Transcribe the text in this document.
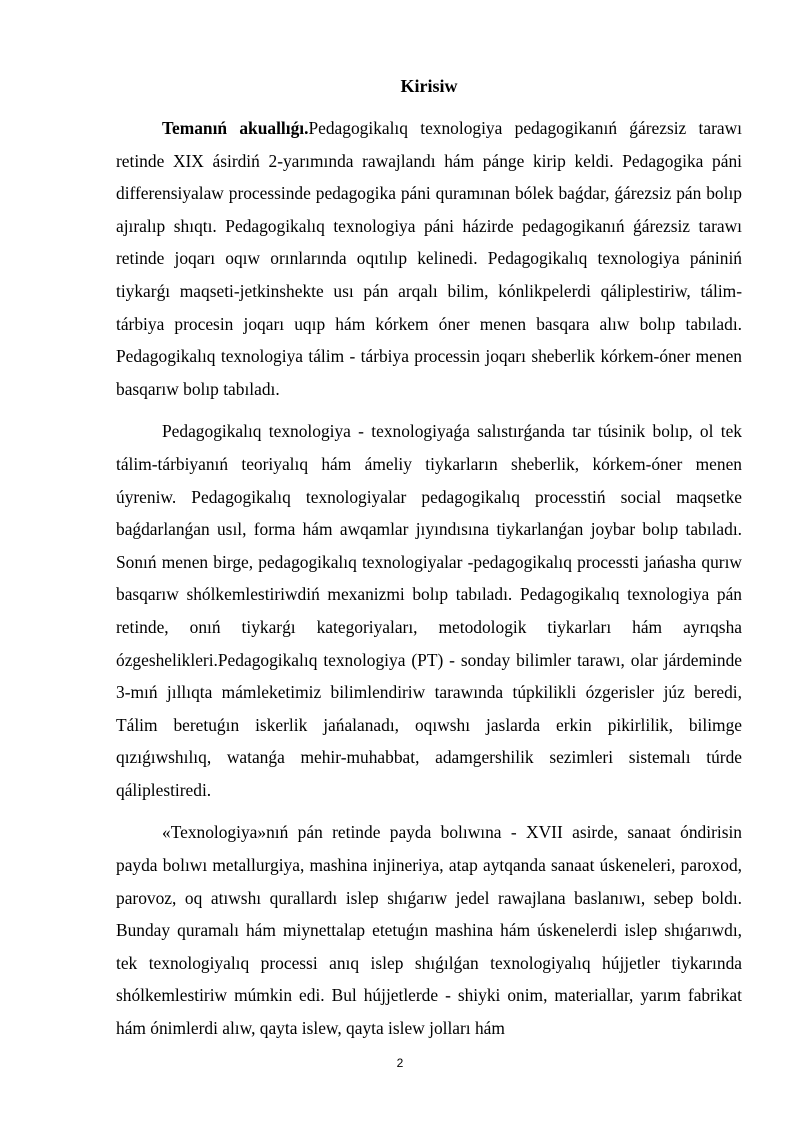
Kirisiw

Temanıń akuallıǵı.Pedagogikalıq texnologiya pedagogikanıń ǵárezsiz tarawı retinde XIX ásirdiń 2-yarımında rawajlandı hám pánge kirip keldi. Pedagogika páni differensiyalaw processinde pedagogika páni quramınan bólek baǵdar, ǵárezsiz pán bolıp ajıralıp shıqtı. Pedagogikalıq texnologiya páni házirde pedagogikanıń ǵárezsiz tarawı retinde joqarı oqıw orınlarında oqıtılıp kelinedi. Pedagogikalıq texnologiya pániniń tiykarǵı maqseti-jetkinshekte usı pán arqalı bilim, kónlikpelerdi qáliplestiriw, tálim-tárbiya procesin joqarı uqıp hám kórkem óner menen basqara alıw bolıp tabıladı. Pedagogikalıq texnologiya tálim - tárbiya processin joqarı sheberlik kórkem-óner menen basqarıw bolıp tabıladı.

Pedagogikalıq texnologiya - texnologiyaǵa salıstırǵanda tar túsinik bolıp, ol tek tálim-tárbiyanıń teoriyalıq hám ámeliy tiykarların sheberlik, kórkem-óner menen úyreniw. Pedagogikalıq texnologiyalar pedagogikalıq processtiń social maqsetke baǵdarlanǵan usıl, forma hám awqamlar jıyındısına tiykarlanǵan joybar bolıp tabıladı. Sonıń menen birge, pedagogikalıq texnologiyalar -pedagogikalıq processti jańasha qurıw basqarıw shólkemlestiriwdiń mexanizmi bolıp tabıladı. Pedagogikalıq texnologiya pán retinde, onıń tiykarǵı kategoriyaları, metodologik tiykarları hám ayrıqsha ózgeshelikleri.Pedagogikalıq texnologiya (PT) - sonday bilimler tarawı, olar járdeminde 3-mıń jıllıqta mámleketimiz bilimlendiriw tarawında túpkilikli ózgerisler júz beredi, Tálim beretuǵın iskerlik jańalanadı, oqıwshı jaslarda erkin pikirlilik, bilimge qızıǵıwshılıq, watanǵa mehir-muhabbat, adamgershilik sezimleri sistemalı túrde qáliplestiredi.

«Texnologiya»nıń pán retinde payda bolıwına - XVII asirde, sanaat óndirisin payda bolıwı metallurgiya, mashina injineriya, atap aytqanda sanaat úskeneleri, paroxod, parovoz, oq atıwshı qurallardı islep shıǵarıw jedel rawajlana baslanıwı, sebep boldı. Bunday quramalı hám miynettalap etetuǵın mashina hám úskenelerdi islep shıǵarıwdı, tek texnologiyalıq processi anıq islep shıǵılǵan texnologiyalıq hújjetler tiykarında shólkemlestiriw múmkin edi. Bul hújjetlerde - shiyki onim, materiallar, yarım fabrikat hám ónimlerdi alıw, qayta islew, qayta islew jolları hám

2
